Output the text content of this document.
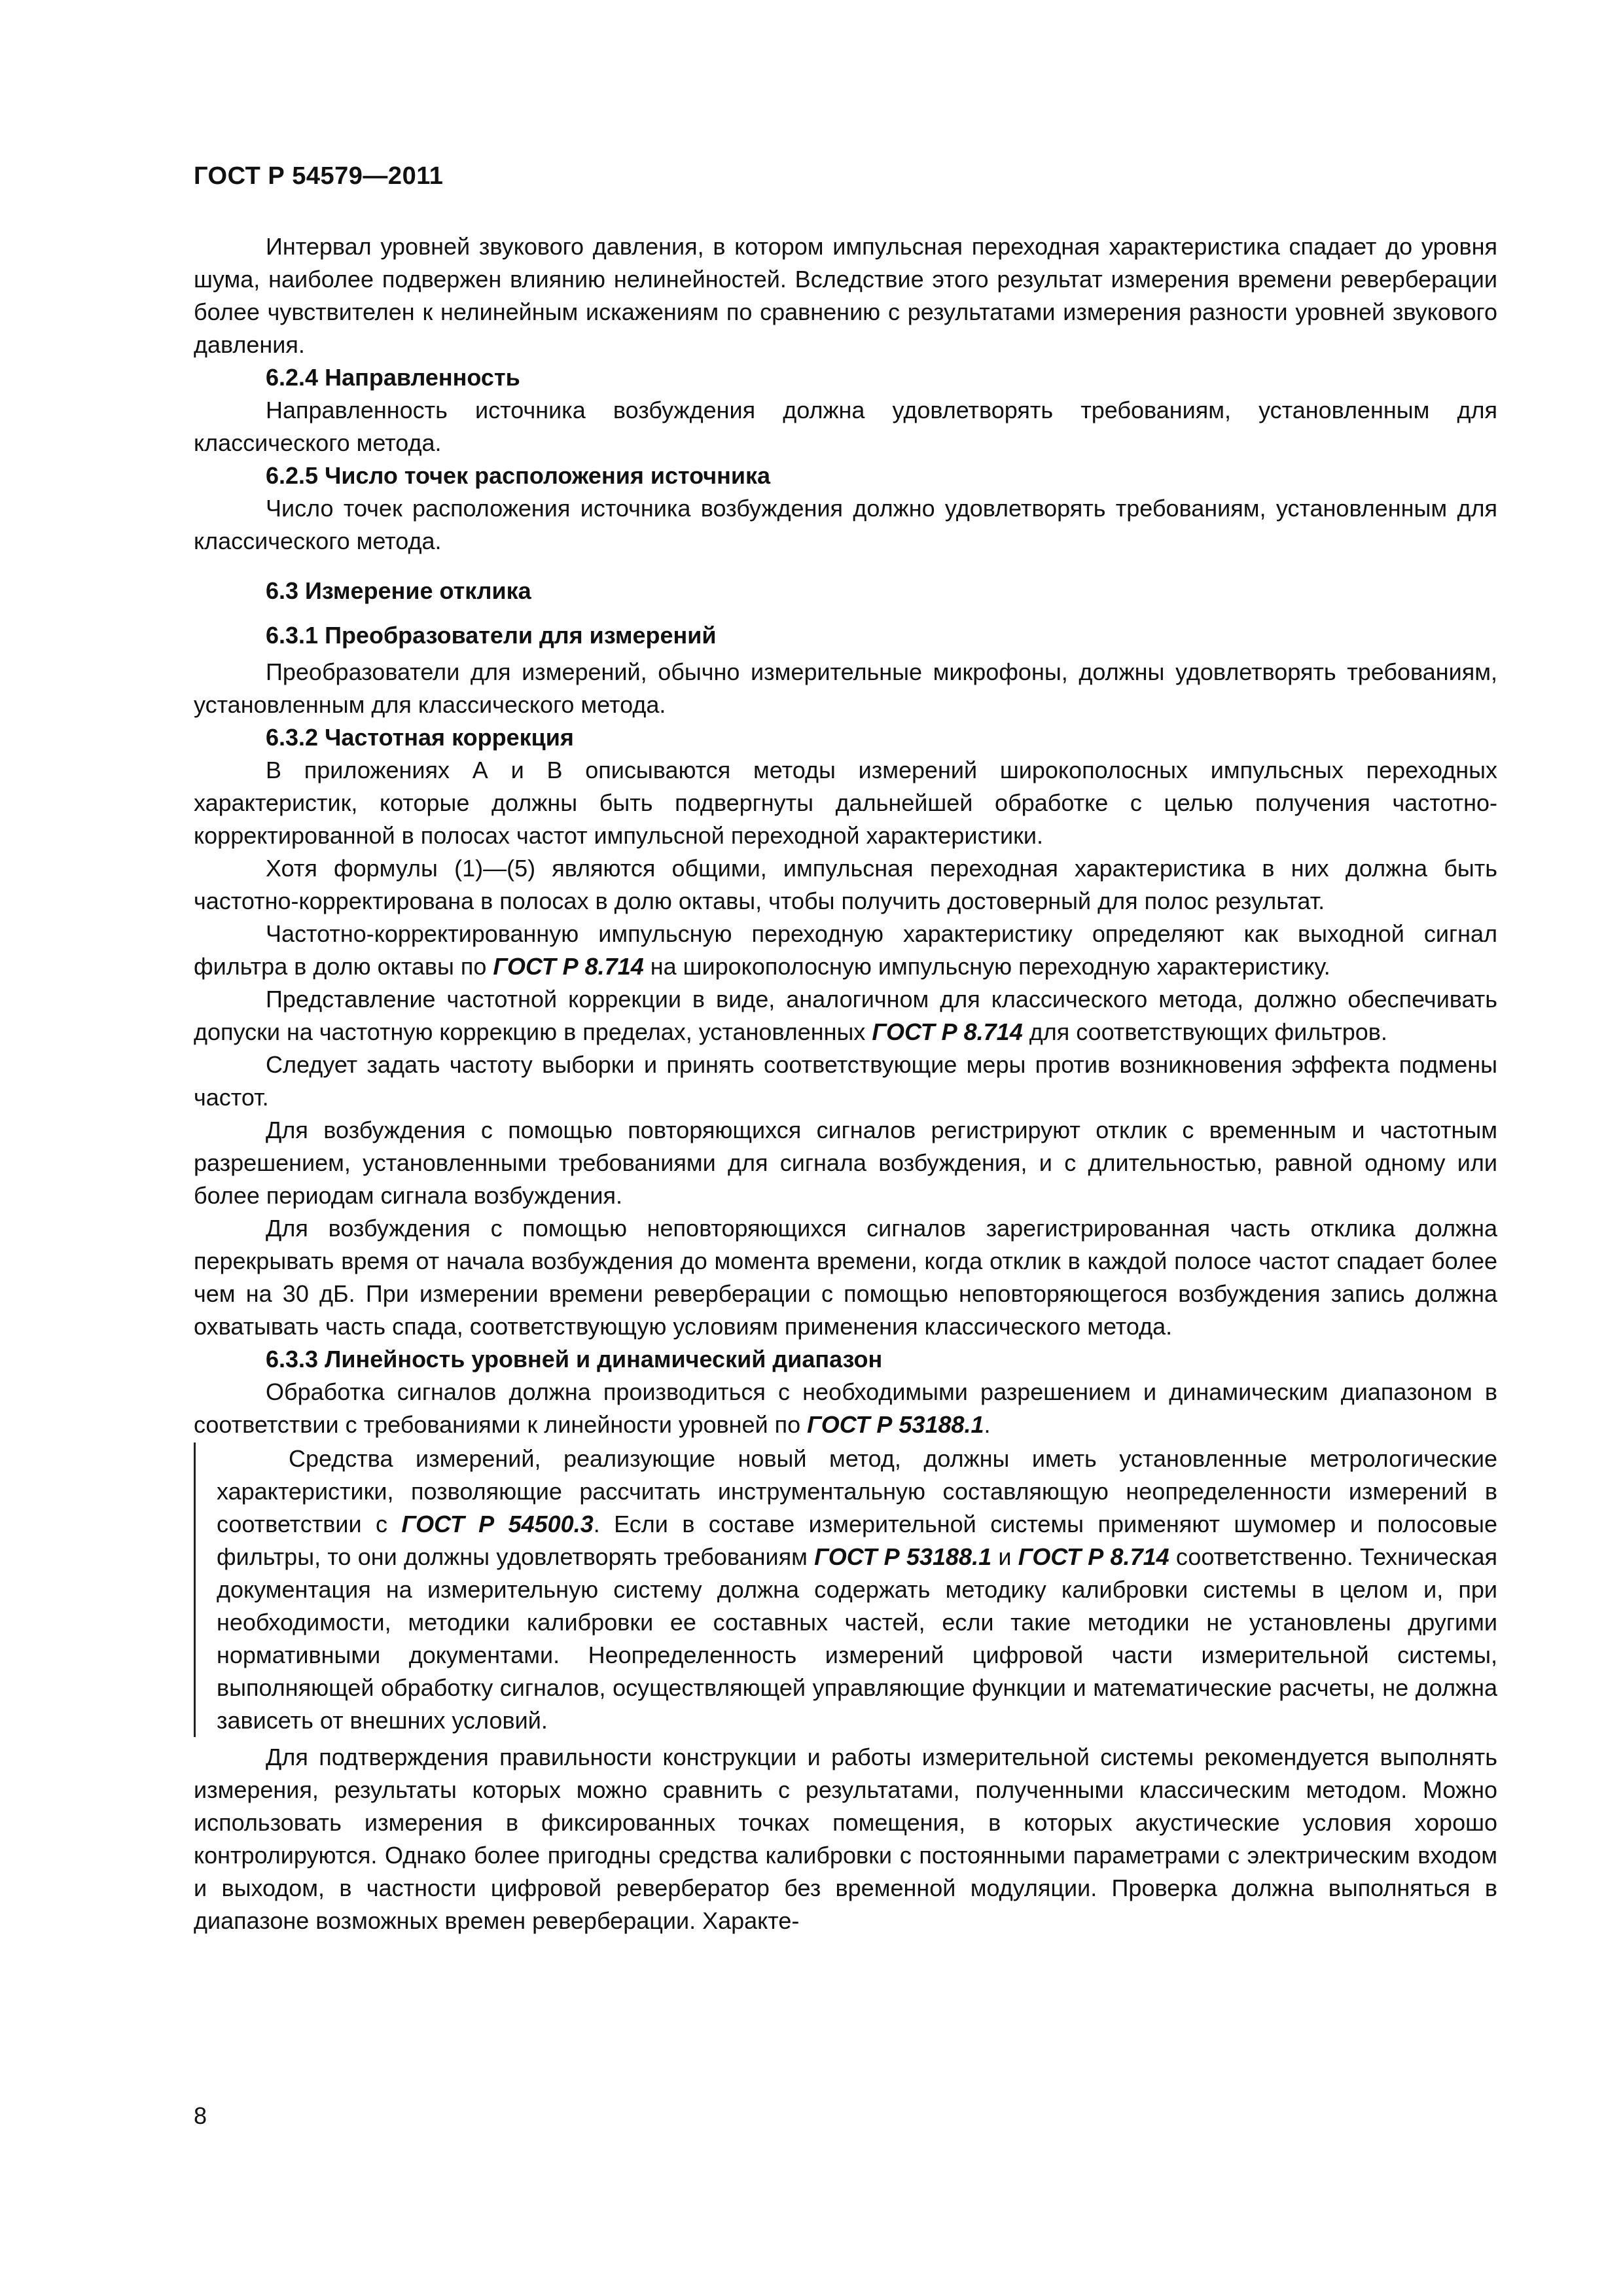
ГОСТ Р 54579—2011

Интервал уровней звукового давления, в котором импульсная переходная характеристика спадает до уровня шума, наиболее подвержен влиянию нелинейностей. Вследствие этого результат измерения времени реверберации более чувствителен к нелинейным искажениям по сравнению с результатами измерения разности уровней звукового давления.

6.2.4 Направленность

Направленность источника возбуждения должна удовлетворять требованиям, установленным для классического метода.

6.2.5 Число точек расположения источника

Число точек расположения источника возбуждения должно удовлетворять требованиям, установленным для классического метода.

6.3 Измерение отклика
6.3.1 Преобразователи для измерений

Преобразователи для измерений, обычно измерительные микрофоны, должны удовлетворять требованиям, установленным для классического метода.

6.3.2 Частотная коррекция

В приложениях А и В описываются методы измерений широкополосных импульсных переходных характеристик, которые должны быть подвергнуты дальнейшей обработке с целью получения частотно-корректированной в полосах частот импульсной переходной характеристики.

Хотя формулы (1)—(5) являются общими, импульсная переходная характеристика в них должна быть частотно-корректирована в полосах в долю октавы, чтобы получить достоверный для полос результат.

Частотно-корректированную импульсную переходную характеристику определяют как выходной сигнал фильтра в долю октавы по ГОСТ Р 8.714 на широкополосную импульсную переходную характеристику.

Представление частотной коррекции в виде, аналогичном для классического метода, должно обеспечивать допуски на частотную коррекцию в пределах, установленных ГОСТ Р 8.714 для соответствующих фильтров.

Следует задать частоту выборки и принять соответствующие меры против возникновения эффекта подмены частот.

Для возбуждения с помощью повторяющихся сигналов регистрируют отклик с временным и частотным разрешением, установленными требованиями для сигнала возбуждения, и с длительностью, равной одному или более периодам сигнала возбуждения.

Для возбуждения с помощью неповторяющихся сигналов зарегистрированная часть отклика должна перекрывать время от начала возбуждения до момента времени, когда отклик в каждой полосе частот спадает более чем на 30 дБ. При измерении времени реверберации с помощью неповторяющегося возбуждения запись должна охватывать часть спада, соответствующую условиям применения классического метода.

6.3.3 Линейность уровней и динамический диапазон

Обработка сигналов должна производиться с необходимыми разрешением и динамическим диапазоном в соответствии с требованиями к линейности уровней по ГОСТ Р 53188.1.

Средства измерений, реализующие новый метод, должны иметь установленные метрологические характеристики, позволяющие рассчитать инструментальную составляющую неопределенности измерений в соответствии с ГОСТ Р 54500.3. Если в составе измерительной системы применяют шумомер и полосовые фильтры, то они должны удовлетворять требованиям ГОСТ Р 53188.1 и ГОСТ Р 8.714 соответственно. Техническая документация на измерительную систему должна содержать методику калибровки системы в целом и, при необходимости, методики калибровки ее составных частей, если такие методики не установлены другими нормативными документами. Неопределенность измерений цифровой части измерительной системы, выполняющей обработку сигналов, осуществляющей управляющие функции и математические расчеты, не должна зависеть от внешних условий.

Для подтверждения правильности конструкции и работы измерительной системы рекомендуется выполнять измерения, результаты которых можно сравнить с результатами, полученными классическим методом. Можно использовать измерения в фиксированных точках помещения, в которых акустические условия хорошо контролируются. Однако более пригодны средства калибровки с постоянными параметрами с электрическим входом и выходом, в частности цифровой ревербератор без временной модуляции. Проверка должна выполняться в диапазоне возможных времен реверберации. Характе-

8
